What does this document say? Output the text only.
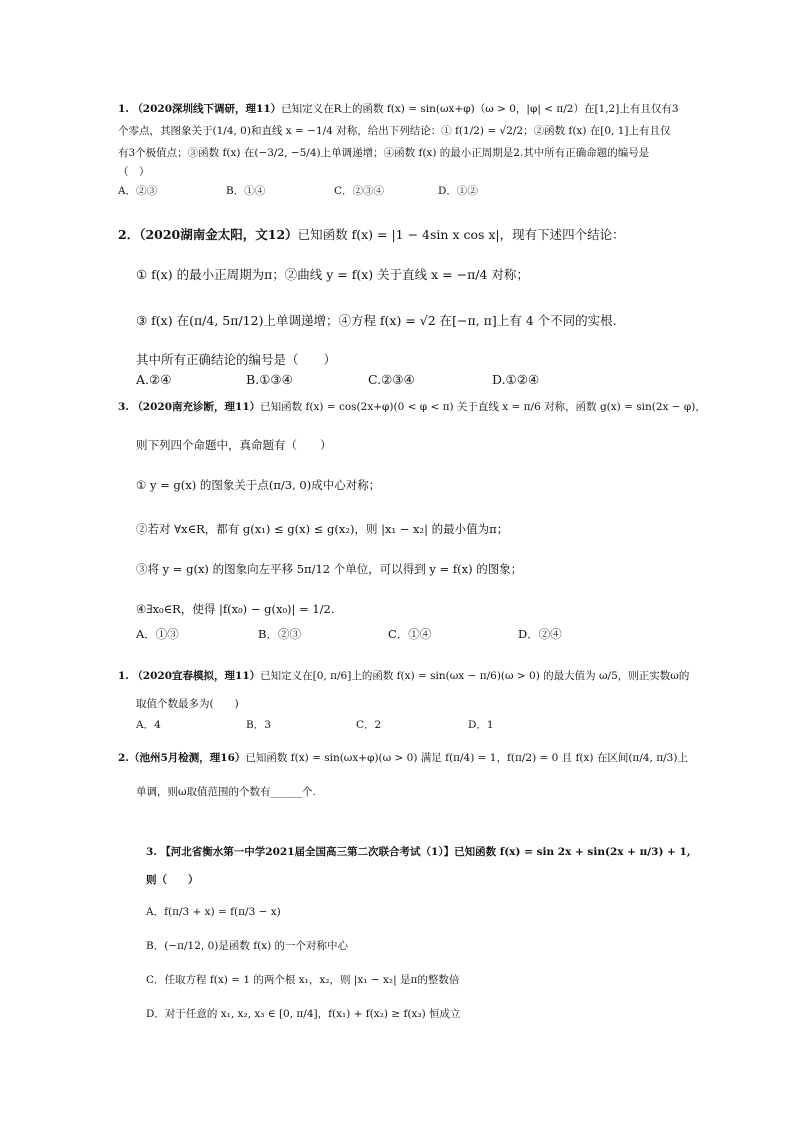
1. （2020深圳线下调研，理11）已知定义在R上的函数 f(x) = sin(ωx+φ)（ω > 0，|φ| < π/2）在[1,2]上有且仅有3
个零点，其图象关于(1/4, 0)和直线 x = −1/4 对称，给出下列结论：① f(1/2) = √2/2；②函数 f(x) 在[0, 1]上有且仅
有3个极值点；③函数 f(x) 在(−3/2, −5/4)上单调递增；④函数 f(x) 的最小正周期是2.其中所有正确命题的编号是
（　）
A．②③	B．①④	C．②③④	D．①②
2．（2020湖南金太阳，文12）已知函数 f(x) = |1 − 4sin x cos x|，现有下述四个结论：
① f(x) 的最小正周期为π；②曲线 y = f(x) 关于直线 x = −π/4 对称；
③ f(x) 在(π/4, 5π/12)上单调递增；④方程 f(x) = √2 在[−π, π]上有 4 个不同的实根.
其中所有正确结论的编号是（　　）
A.②④	B.①③④	C.②③④	D.①②④
3. （2020南充诊断，理11）已知函数 f(x) = cos(2x+φ)(0 < φ < π) 关于直线 x = π/6 对称，函数 g(x) = sin(2x − φ)，
则下列四个命题中，真命题有（　　）
① y = g(x) 的图象关于点(π/3, 0)成中心对称；
②若对 ∀x∈R，都有 g(x₁) ≤ g(x) ≤ g(x₂)，则 |x₁ − x₂| 的最小值为π；
③将 y = g(x) 的图象向左平移 5π/12 个单位，可以得到 y = f(x) 的图象；
④∃x₀∈R，使得 |f(x₀) − g(x₀)| = 1/2.
A．①③	B．②③	C．①④	D．②④
1. （2020宜春模拟，理11）已知定义在[0, π/6]上的函数 f(x) = sin(ωx − π/6)(ω > 0) 的最大值为 ω/5，则正实数ω的
取值个数最多为(　　)
A．4	B．3	C．2	D．1
2.（池州5月检测，理16）已知函数 f(x) = sin(ωx+φ)(ω > 0) 满足 f(π/4) = 1，f(π/2) = 0 且 f(x) 在区间(π/4, π/3)上
单调，则ω取值范围的个数有______个.
3. 【河北省衡水第一中学2021届全国高三第二次联合考试（1）】已知函数 f(x) = sin 2x + sin(2x + π/3) + 1,
则（　　）
A．f(π/3 + x) = f(π/3 − x)
B．(−π/12, 0)是函数 f(x) 的一个对称中心
C．任取方程 f(x) = 1 的两个根 x₁，x₂，则 |x₁ − x₂| 是π的整数倍
D．对于任意的 x₁, x₂, x₃ ∈ [0, π/4]，f(x₁) + f(x₂) ≥ f(x₃) 恒成立
